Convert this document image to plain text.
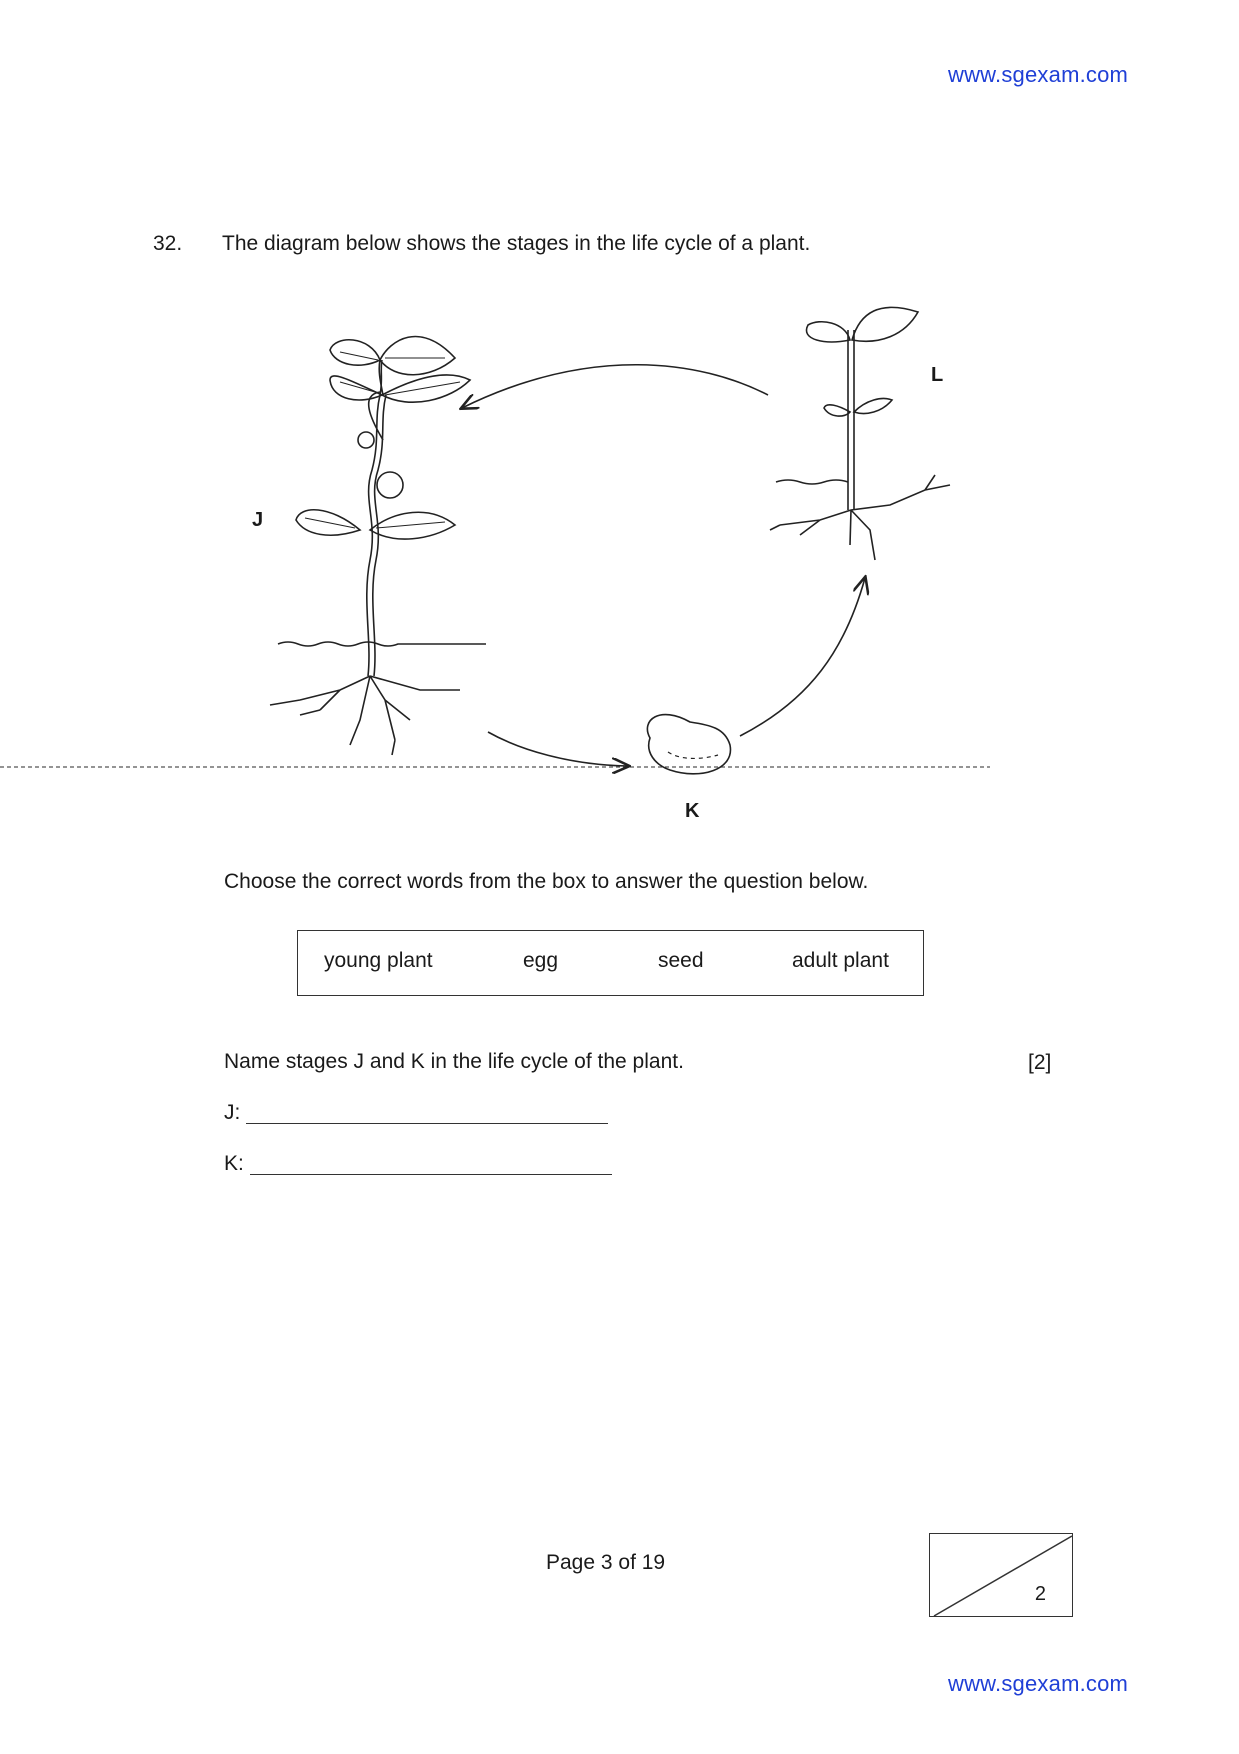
www.sgexam.com
32. The diagram below shows the stages in the life cycle of a plant.
J
L
K
Choose the correct words from the box to answer the question below.
young plant	egg	seed	adult plant
Name stages J and K in the life cycle of the plant.	[2]
J:
K:
Page 3 of 19
2
www.sgexam.com
